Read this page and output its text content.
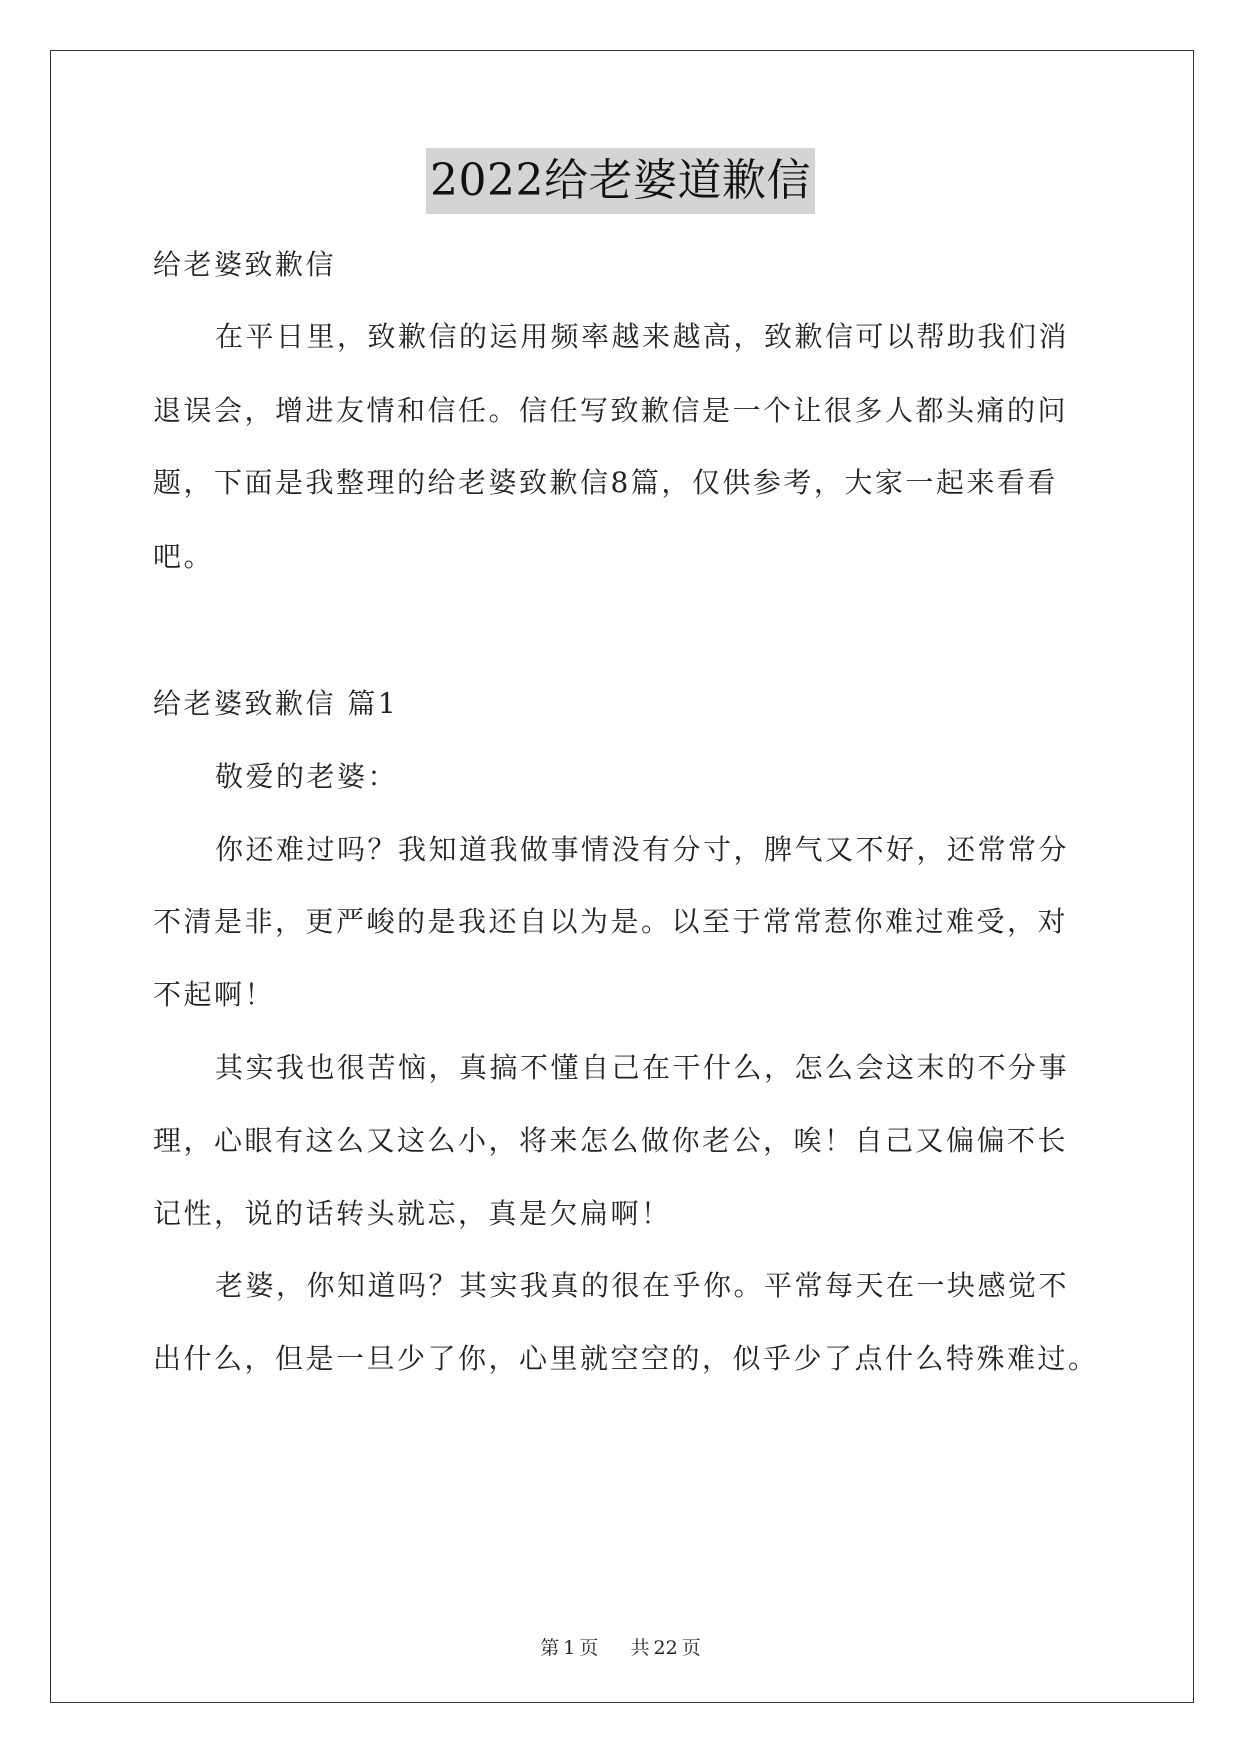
2022给老婆道歉信
给老婆致歉信
在平日里，致歉信的运用频率越来越高，致歉信可以帮助我们消
退误会，增进友情和信任。信任写致歉信是一个让很多人都头痛的问
题，下面是我整理的给老婆致歉信8篇，仅供参考，大家一起来看看
吧。
给老婆致歉信 篇1
敬爱的老婆：
你还难过吗？我知道我做事情没有分寸，脾气又不好，还常常分
不清是非，更严峻的是我还自以为是。以至于常常惹你难过难受，对
不起啊！
其实我也很苦恼，真搞不懂自己在干什么，怎么会这末的不分事
理，心眼有这么又这么小，将来怎么做你老公，唉！自己又偏偏不长
记性，说的话转头就忘，真是欠扁啊！
老婆，你知道吗？其实我真的很在乎你。平常每天在一块感觉不
出什么，但是一旦少了你，心里就空空的，似乎少了点什么特殊难过。
第 1 页 共 22 页
